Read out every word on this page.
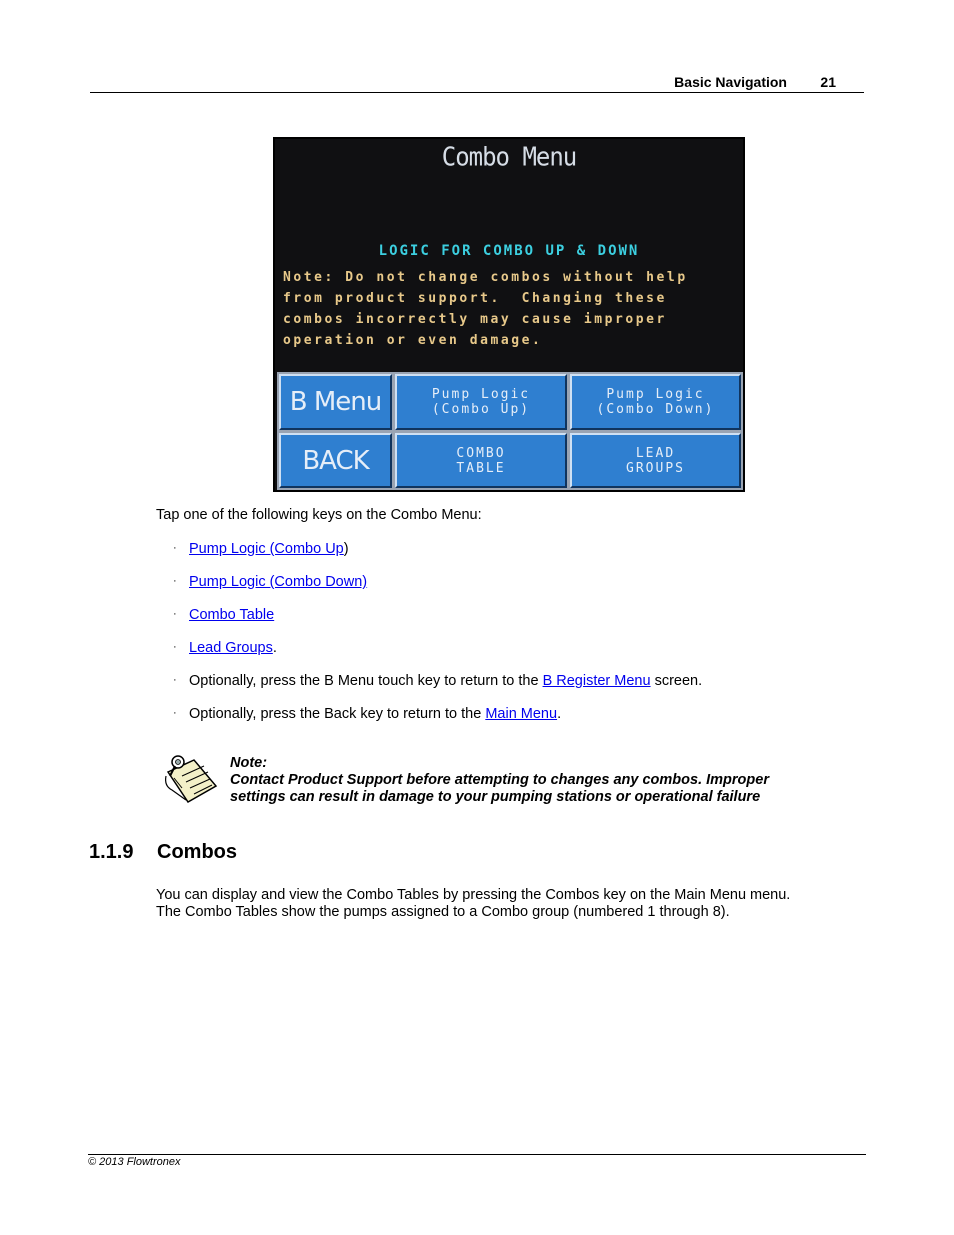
Basic Navigation 21
Combo Menu
LOGIC FOR COMBO UP & DOWN
Note: Do not change combos without help
from product support.  Changing these
combos incorrectly may cause improper
operation or even damage.
B Menu	Pump Logic
(Combo Up)
Pump Logic
(Combo Down)
BACK	COMBO
TABLE
LEAD
GROUPS
Tap one of the following keys on the Combo Menu:
· Pump Logic (Combo Up)
· Pump Logic (Combo Down)
· Combo Table
· Lead Groups.
· Optionally, press the B Menu touch key to return to the B Register Menu screen.
· Optionally, press the Back key to return to the Main Menu.
Note:
Contact Product Support before attempting to changes any combos. Improper
settings can result in damage to your pumping stations or operational failure
1.1.9 Combos
You can display and view the Combo Tables by pressing the Combos key on the Main Menu menu.
The Combo Tables show the pumps assigned to a Combo group (numbered 1 through 8).
© 2013 Flowtronex
